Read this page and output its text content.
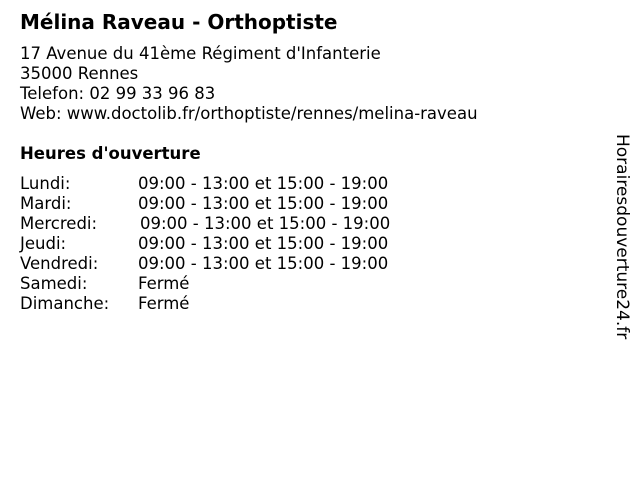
Mélina Raveau - Orthoptiste
17 Avenue du 41ème Régiment d'Infanterie
35000 Rennes
Telefon: 02 99 33 96 83
Web: www.doctolib.fr/orthoptiste/rennes/melina-raveau
Heures d'ouverture
Lundi:	09:00 - 13:00 et 15:00 - 19:00
Mardi:	09:00 - 13:00 et 15:00 - 19:00
Mercredi:	09:00 - 13:00 et 15:00 - 19:00
Jeudi:	09:00 - 13:00 et 15:00 - 19:00
Vendredi: 09:00 - 13:00 et 15:00 - 19:00
Samedi:	Fermé
Dimanche: Fermé	Horairesdouverture24.fr
